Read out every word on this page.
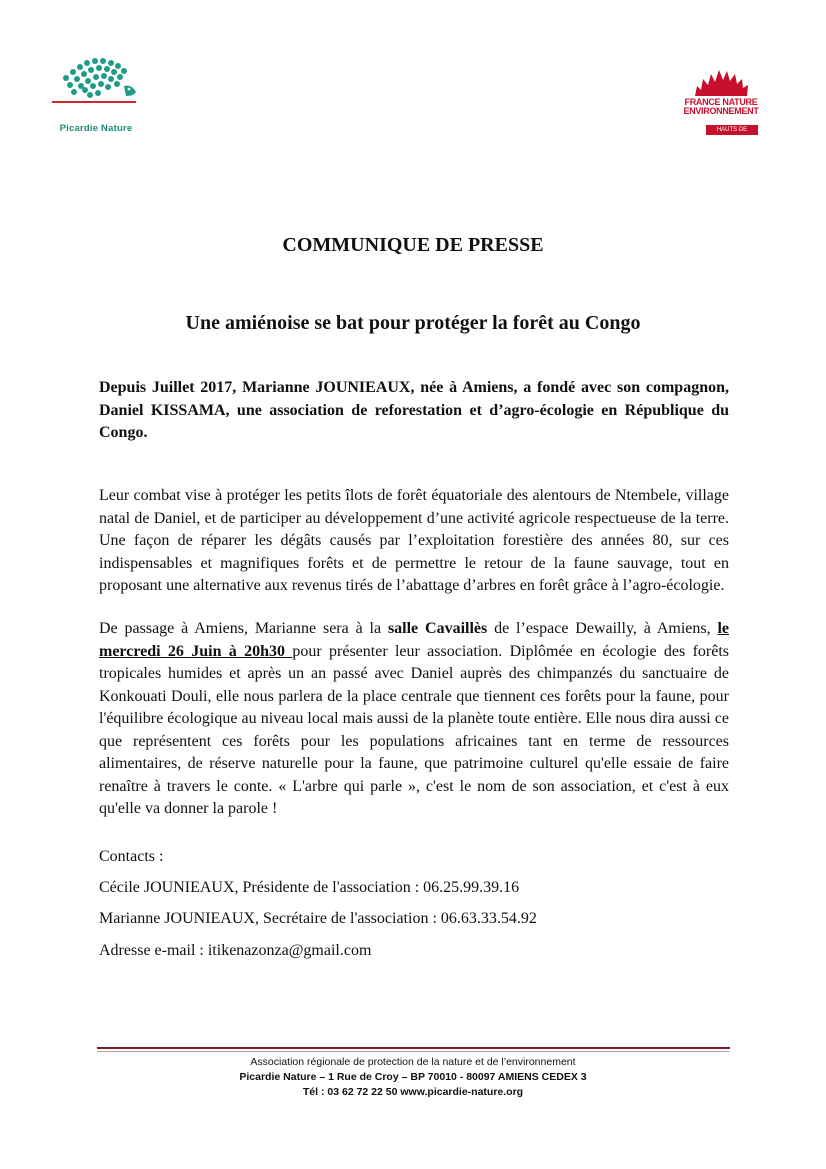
Picardie Nature
FRANCE NATURE
ENVIRONNEMENT
HAUTS DE FRANCE
COMMUNIQUE DE PRESSE
Une amiénoise se bat pour protéger la forêt au Congo
Depuis Juillet 2017, Marianne JOUNIEAUX, née à Amiens, a fondé avec son compagnon, Daniel KISSAMA, une association de reforestation et d’agro-écologie en République du Congo.
Leur combat vise à protéger les petits îlots de forêt équatoriale des alentours de Ntembele, village natal de Daniel, et de participer au développement d’une activité agricole respectueuse de la terre. Une façon de réparer les dégâts causés par l’exploitation forestière des années 80, sur ces indispensables et magnifiques forêts et de permettre le retour de la faune sauvage, tout en proposant une alternative aux revenus tirés de l’abattage d’arbres en forêt grâce à l’agro-écologie.
De passage à Amiens, Marianne sera à la salle Cavaillès de l’espace Dewailly, à Amiens, le mercredi 26 Juin à 20h30 pour présenter leur association. Diplômée en écologie des forêts tropicales humides et après un an passé avec Daniel auprès des chimpanzés du sanctuaire de Konkouati Douli, elle nous parlera de la place centrale que tiennent ces forêts pour la faune, pour l'équilibre écologique au niveau local mais aussi de la planète toute entière. Elle nous dira aussi ce que représentent ces forêts pour les populations africaines tant en terme de ressources alimentaires, de réserve naturelle pour la faune, que patrimoine culturel qu'elle essaie de faire renaître à travers le conte. « L'arbre qui parle », c'est le nom de son association, et c'est à eux qu'elle va donner la parole !
Contacts :
Cécile JOUNIEAUX, Présidente de l'association : 06.25.99.39.16
Marianne JOUNIEAUX, Secrétaire de l'association : 06.63.33.54.92
Adresse e-mail : itikenazonza@gmail.com
Association régionale de protection de la nature et de l’environnement
Picardie Nature – 1 Rue de Croy – BP 70010 - 80097 AMIENS CEDEX 3
Tél : 03 62 72 22 50 www.picardie-nature.org
